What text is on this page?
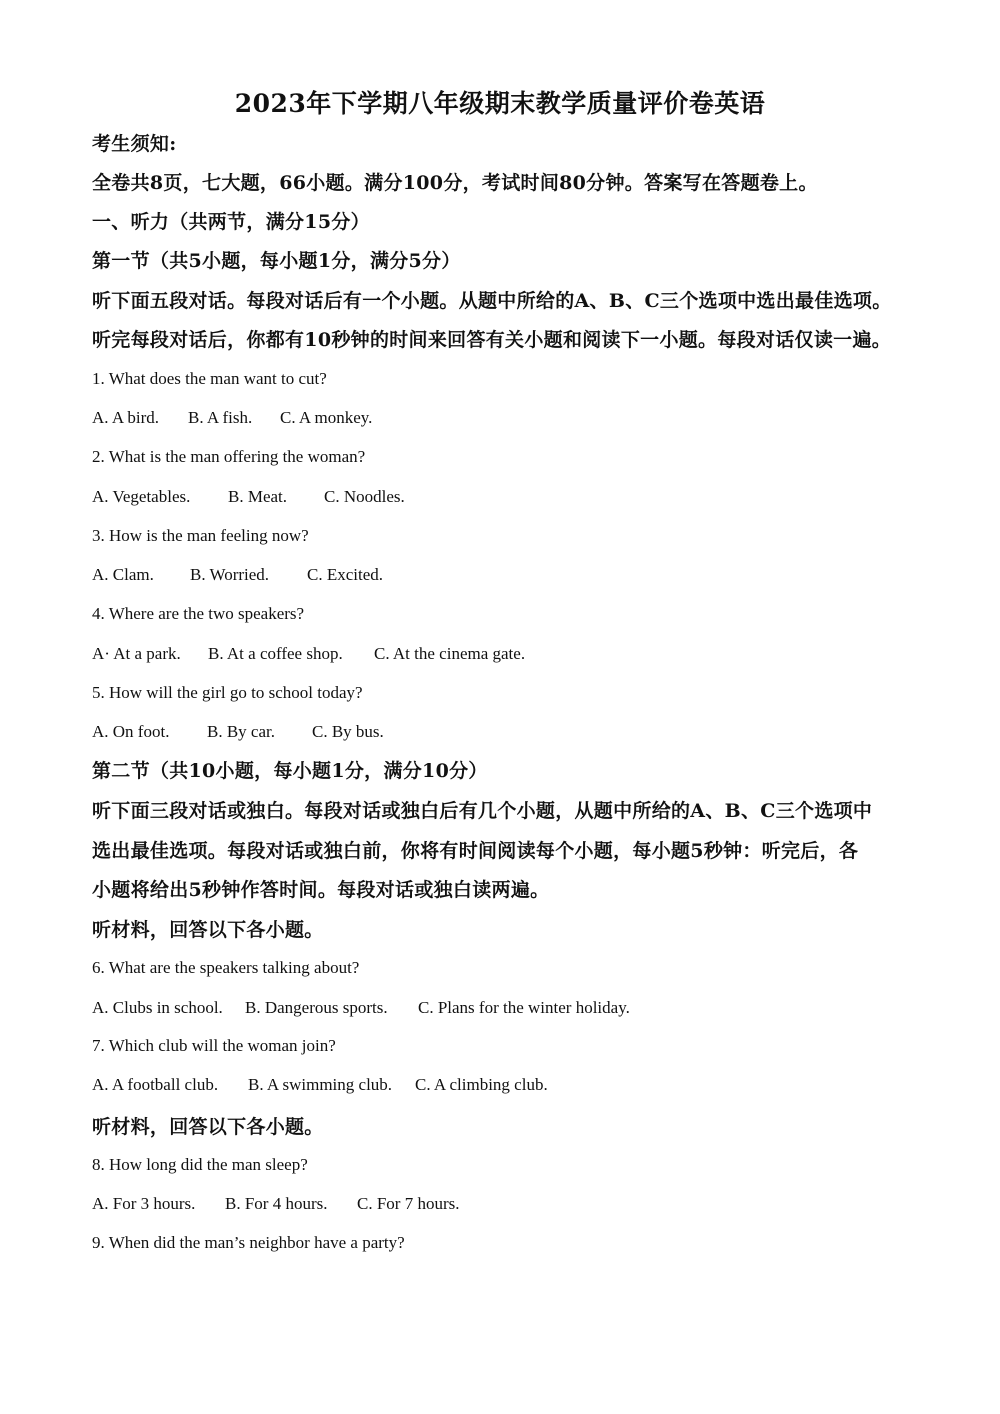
2023年下学期八年级期末教学质量评价卷英语
考生须知:
全卷共8页，七大题，66小题。满分100分，考试时间80分钟。答案写在答题卷上。
一、听力（共两节，满分15分）
第一节（共5小题，每小题1分，满分5分）
听下面五段对话。每段对话后有一个小题。从题中所给的A、B、C三个选项中选出最佳选项。
听完每段对话后，你都有10秒钟的时间来回答有关小题和阅读下一小题。每段对话仅读一遍。
1. What does the man want to cut?
A. A bird. B. A fish. C. A monkey.
2. What is the man offering the woman?
A. Vegetables. B. Meat. C. Noodles.
3. How is the man feeling now?
A. Clam. B. Worried. C. Excited.
4. Where are the two speakers?
A· At a park. B. At a coffee shop. C. At the cinema gate.
5. How will the girl go to school today?
A. On foot. B. By car. C. By bus.
第二节（共10小题，每小题1分，满分10分）
听下面三段对话或独白。每段对话或独白后有几个小题，从题中所给的A、B、C三个选项中
选出最佳选项。每段对话或独白前，你将有时间阅读每个小题，每小题5秒钟：听完后，各
小题将给出5秒钟作答时间。每段对话或独白读两遍。
听材料，回答以下各小题。
6. What are the speakers talking about?
A. Clubs in school. B. Dangerous sports. C. Plans for the winter holiday.
7. Which club will the woman join?
A. A football club. B. A swimming club. C. A climbing club.
听材料，回答以下各小题。
8. How long did the man sleep?
A. For 3 hours. B. For 4 hours. C. For 7 hours.
9. When did the man’s neighbor have a party?
